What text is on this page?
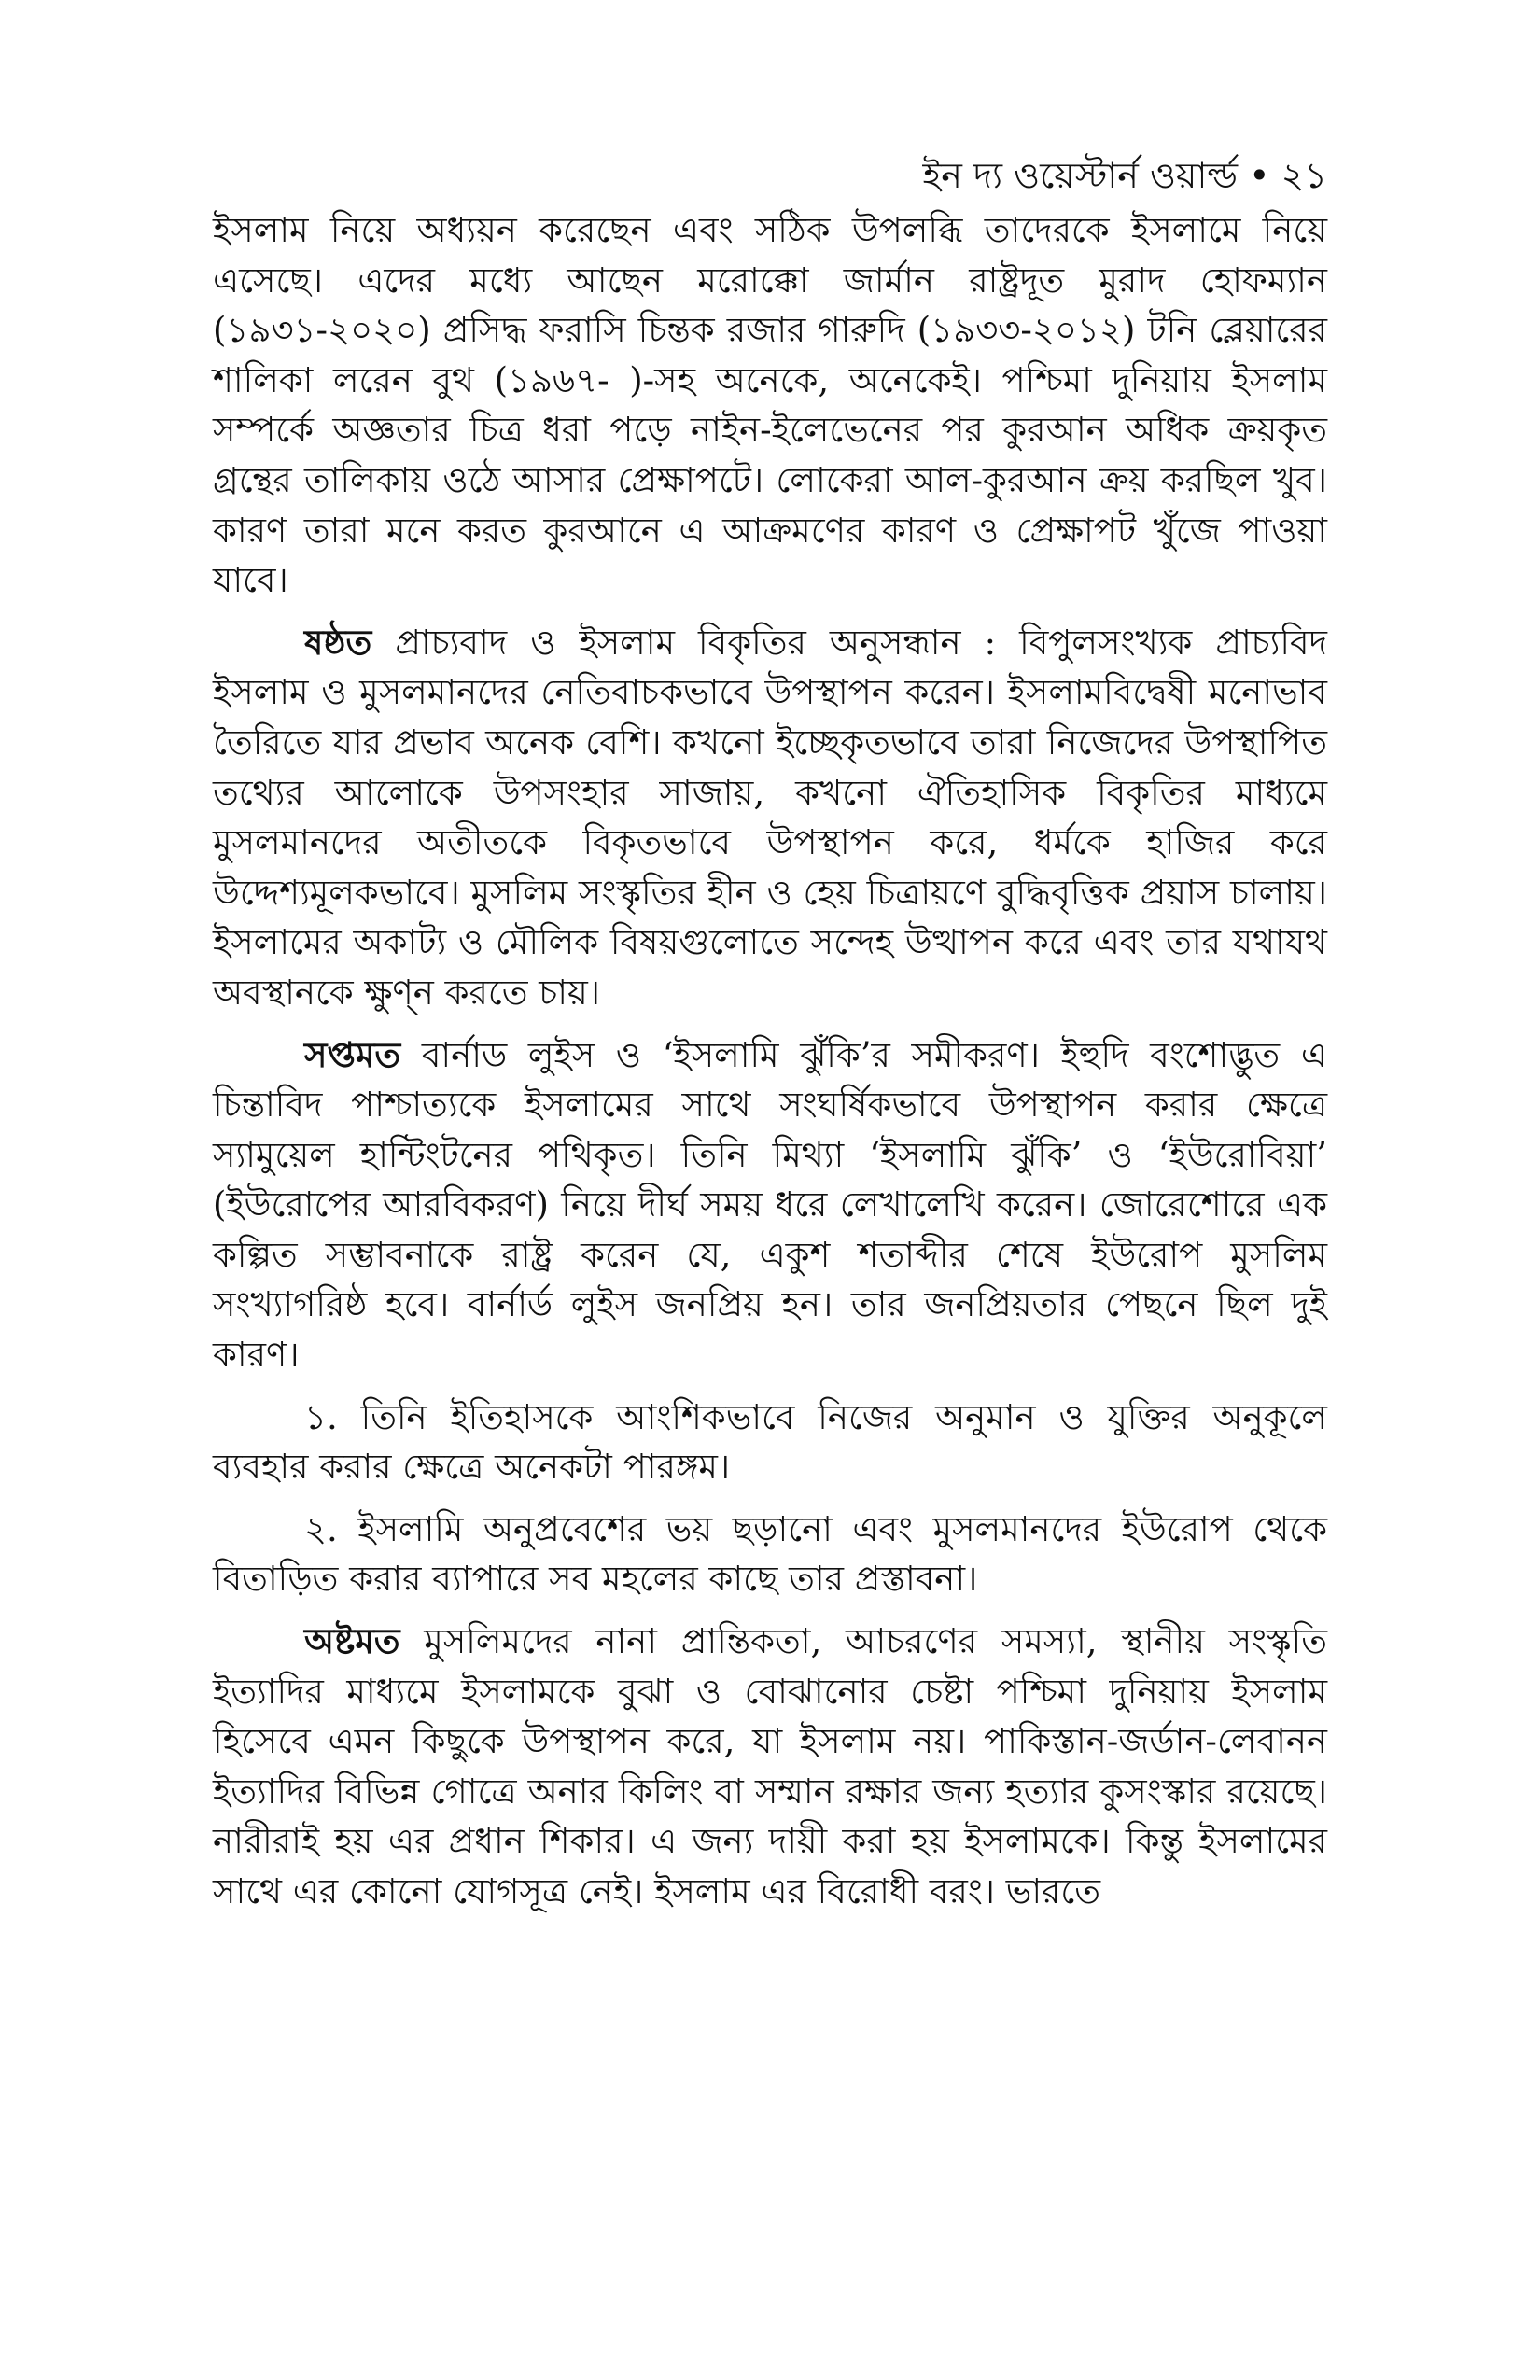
ইন দ্য ওয়েস্টার্ন ওয়ার্ল্ড • ২১

ইসলাম নিয়ে অধ্যয়ন করেছেন এবং সঠিক উপলব্ধি তাদেরকে ইসলামে নিয়ে এসেছে। এদের মধ্যে আছেন মরোক্কো জার্মান রাষ্ট্রদূত মুরাদ হোফম্যান (১৯৩১-২০২০) প্রসিদ্ধ ফরাসি চিন্তক রজার গারুদি (১৯৩৩-২০১২) টনি ব্লেয়ারের শালিকা লরেন বুথ (১৯৬৭- )-সহ অনেকে, অনেকেই। পশ্চিমা দুনিয়ায় ইসলাম সম্পর্কে অজ্ঞতার চিত্র ধরা পড়ে নাইন-ইলেভেনের পর কুরআন অধিক ক্রয়কৃত গ্রন্থের তালিকায় ওঠে আসার প্রেক্ষাপটে। লোকেরা আল-কুরআন ক্রয় করছিল খুব। কারণ তারা মনে করত কুরআনে এ আক্রমণের কারণ ও প্রেক্ষাপট খুঁজে পাওয়া যাবে।

ষষ্ঠত প্রাচ্যবাদ ও ইসলাম বিকৃতির অনুসন্ধান : বিপুলসংখ্যক প্রাচ্যবিদ ইসলাম ও মুসলমানদের নেতিবাচকভাবে উপস্থাপন করেন। ইসলামবিদ্বেষী মনোভাব তৈরিতে যার প্রভাব অনেক বেশি। কখনো ইচ্ছেকৃতভাবে তারা নিজেদের উপস্থাপিত তথ্যের আলোকে উপসংহার সাজায়, কখনো ঐতিহাসিক বিকৃতির মাধ্যমে মুসলমানদের অতীতকে বিকৃতভাবে উপস্থাপন করে, ধর্মকে হাজির করে উদ্দেশ্যমূলকভাবে। মুসলিম সংস্কৃতির হীন ও হেয় চিত্রায়ণে বুদ্ধিবৃত্তিক প্রয়াস চালায়। ইসলামের অকাট্য ও মৌলিক বিষয়গুলোতে সন্দেহ উত্থাপন করে এবং তার যথাযথ অবস্থানকে ক্ষুণ্ন করতে চায়।

সপ্তমত বার্নাড লুইস ও ‘ইসলামি ঝুঁকি’র সমীকরণ। ইহুদি বংশোদ্ভুত এ চিন্তাবিদ পাশ্চাত্যকে ইসলামের সাথে সংঘর্ষিকভাবে উপস্থাপন করার ক্ষেত্রে স্যামুয়েল হান্টিংটনের পথিকৃত। তিনি মিথ্যা ‘ইসলামি ঝুঁকি’ ও ‘ইউরোবিয়া’ (ইউরোপের আরবিকরণ) নিয়ে দীর্ঘ সময় ধরে লেখালেখি করেন। জোরেশোরে এক কল্পিত সম্ভাবনাকে রাষ্ট্র করেন যে, একুশ শতাব্দীর শেষে ইউরোপ মুসলিম সংখ্যাগরিষ্ঠ হবে। বার্নার্ড লুইস জনপ্রিয় হন। তার জনপ্রিয়তার পেছনে ছিল দুই কারণ।

১. তিনি ইতিহাসকে আংশিকভাবে নিজের অনুমান ও যুক্তির অনুকূলে ব্যবহার করার ক্ষেত্রে অনেকটা পারঙ্গম।

২. ইসলামি অনুপ্রবেশের ভয় ছড়ানো এবং মুসলমানদের ইউরোপ থেকে বিতাড়িত করার ব্যাপারে সব মহলের কাছে তার প্রস্তাবনা।

অষ্টমত মুসলিমদের নানা প্রান্তিকতা, আচরণের সমস্যা, স্থানীয় সংস্কৃতি ইত্যাদির মাধ্যমে ইসলামকে বুঝা ও বোঝানোর চেষ্টা পশ্চিমা দুনিয়ায় ইসলাম হিসেবে এমন কিছুকে উপস্থাপন করে, যা ইসলাম নয়। পাকিস্তান-জর্ডান-লেবানন ইত্যাদির বিভিন্ন গোত্রে অনার কিলিং বা সম্মান রক্ষার জন্য হত্যার কুসংস্কার রয়েছে। নারীরাই হয় এর প্রধান শিকার। এ জন্য দায়ী করা হয় ইসলামকে। কিন্তু ইসলামের সাথে এর কোনো যোগসূত্র নেই। ইসলাম এর বিরোধী বরং। ভারতে
